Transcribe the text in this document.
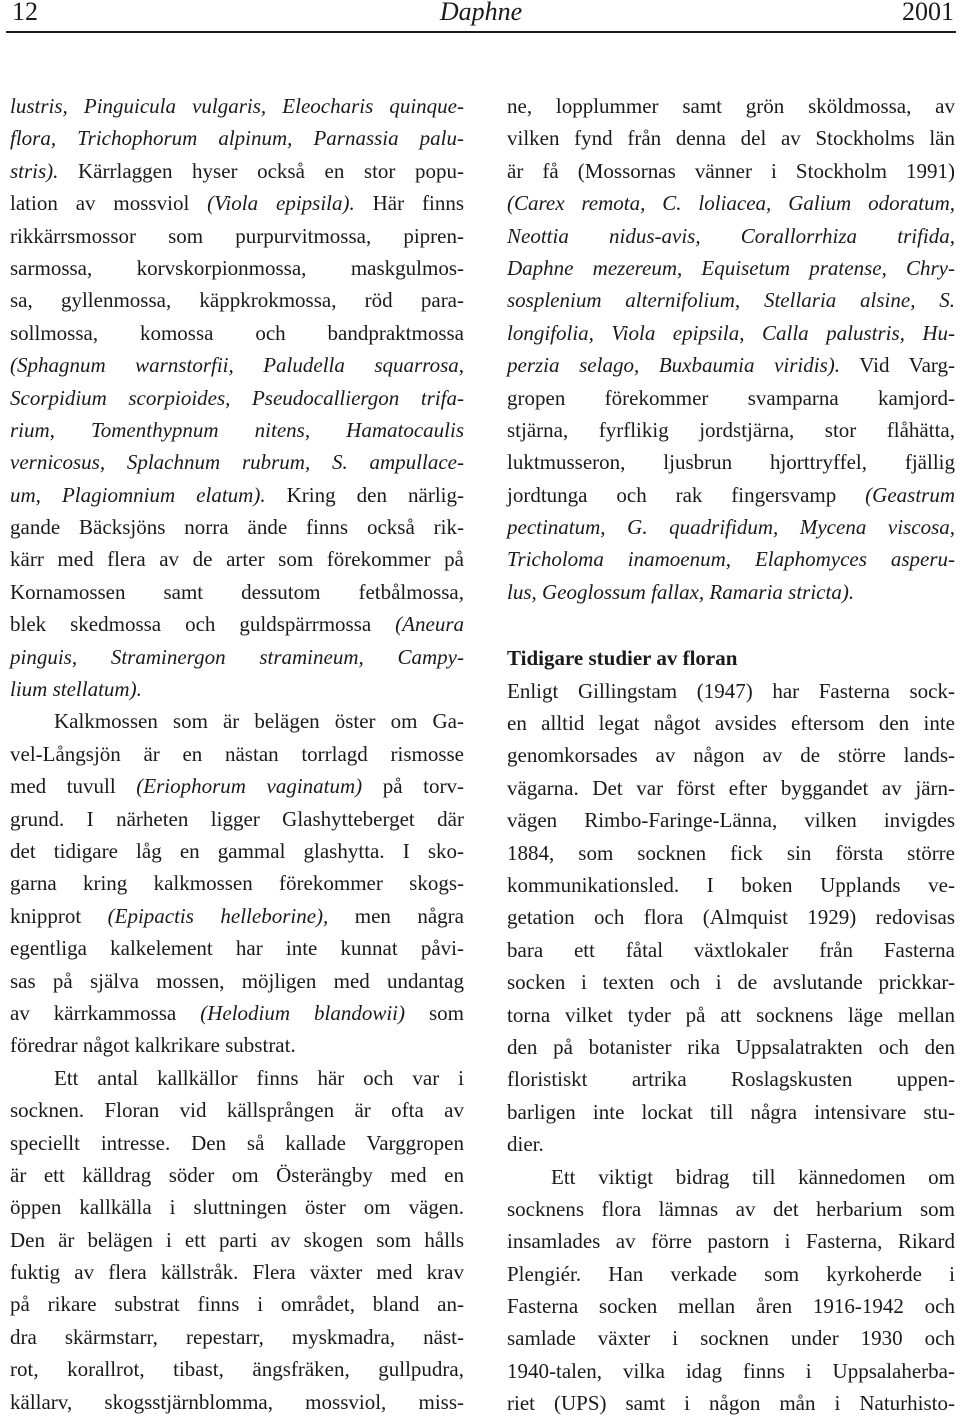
Daphne
12	2001
lustris, Pinguicula vulgaris, Eleocharis quinque-
flora, Trichophorum alpinum, Parnassia palu-
stris). Kärrlaggen hyser också en stor popu-
lation av mossviol (Viola epipsila). Här finns
rikkärrsmossor som purpurvitmossa, pipren-
sarmossa, korvskorpionmossa, maskgulmos-
sa, gyllenmossa, käppkrokmossa, röd para-
sollmossa, komossa och bandpraktmossa
(Sphagnum warnstorfii, Paludella squarrosa,
Scorpidium scorpioides, Pseudocalliergon trifa-
rium, Tomenthypnum nitens, Hamatocaulis
vernicosus, Splachnum rubrum, S. ampullace-
um, Plagiomnium elatum). Kring den närlig-
gande Bäcksjöns norra ände finns också rik-
kärr med flera av de arter som förekommer på
Kornamossen samt dessutom fetbålmossa,
blek skedmossa och guldspärrmossa (Aneura
pinguis, Straminergon stramineum, Campy-
lium stellatum).
Kalkmossen som är belägen öster om Ga-
vel-Långsjön är en nästan torrlagd rismosse
med tuvull (Eriophorum vaginatum) på torv-
grund. I närheten ligger Glashytteberget där
det tidigare låg en gammal glashytta. I sko-
garna kring kalkmossen förekommer skogs-
knipprot (Epipactis helleborine), men några
egentliga kalkelement har inte kunnat påvi-
sas på själva mossen, möjligen med undantag
av kärrkammossa (Helodium blandowii) som
föredrar något kalkrikare substrat.
Ett antal kallkällor finns här och var i
socknen. Floran vid källsprången är ofta av
speciellt intresse. Den så kallade Varggropen
är ett källdrag söder om Österängby med en
öppen kallkälla i sluttningen öster om vägen.
Den är belägen i ett parti av skogen som hålls
fuktig av flera källstråk. Flera växter med krav
på rikare substrat finns i området, bland an-
dra skärmstarr, repestarr, myskmadra, näst-
rot, korallrot, tibast, ängsfräken, gullpudra,
källarv, skogsstjärnblomma, mossviol, miss-
ne, lopplummer samt grön sköldmossa, av
vilken fynd från denna del av Stockholms län
är få (Mossornas vänner i Stockholm 1991)
(Carex remota, C. loliacea, Galium odoratum,
Neottia nidus-avis, Corallorrhiza trifida,
Daphne mezereum, Equisetum pratense, Chry-
sosplenium alternifolium, Stellaria alsine, S.
longifolia, Viola epipsila, Calla palustris, Hu-
perzia selago, Buxbaumia viridis). Vid Varg-
gropen förekommer svamparna kamjord-
stjärna, fyrflikig jordstjärna, stor flåhätta,
luktmusseron, ljusbrun hjorttryffel, fjällig
jordtunga och rak fingersvamp (Geastrum
pectinatum, G. quadrifidum, Mycena viscosa,
Tricholoma inamoenum, Elaphomyces asperu-
lus, Geoglossum fallax, Ramaria stricta).
Tidigare studier av floran
Enligt Gillingstam (1947) har Fasterna sock-
en alltid legat något avsides eftersom den inte
genomkorsades av någon av de större lands-
vägarna. Det var först efter byggandet av järn-
vägen Rimbo-Faringe-Länna, vilken invigdes
1884, som socknen fick sin första större
kommunikationsled. I boken Upplands ve-
getation och flora (Almquist 1929) redovisas
bara ett fåtal växtlokaler från Fasterna
socken i texten och i de avslutande prickkar-
torna vilket tyder på att socknens läge mellan
den på botanister rika Uppsalatrakten och den
floristiskt artrika Roslagskusten uppen-
barligen inte lockat till några intensivare stu-
dier.
Ett viktigt bidrag till kännedomen om
socknens flora lämnas av det herbarium som
insamlades av förre pastorn i Fasterna, Rikard
Plengiér. Han verkade som kyrkoherde i
Fasterna socken mellan åren 1916-1942 och
samlade växter i socknen under 1930 och
1940-talen, vilka idag finns i Uppsalaherba-
riet (UPS) samt i någon mån i Naturhisto-
